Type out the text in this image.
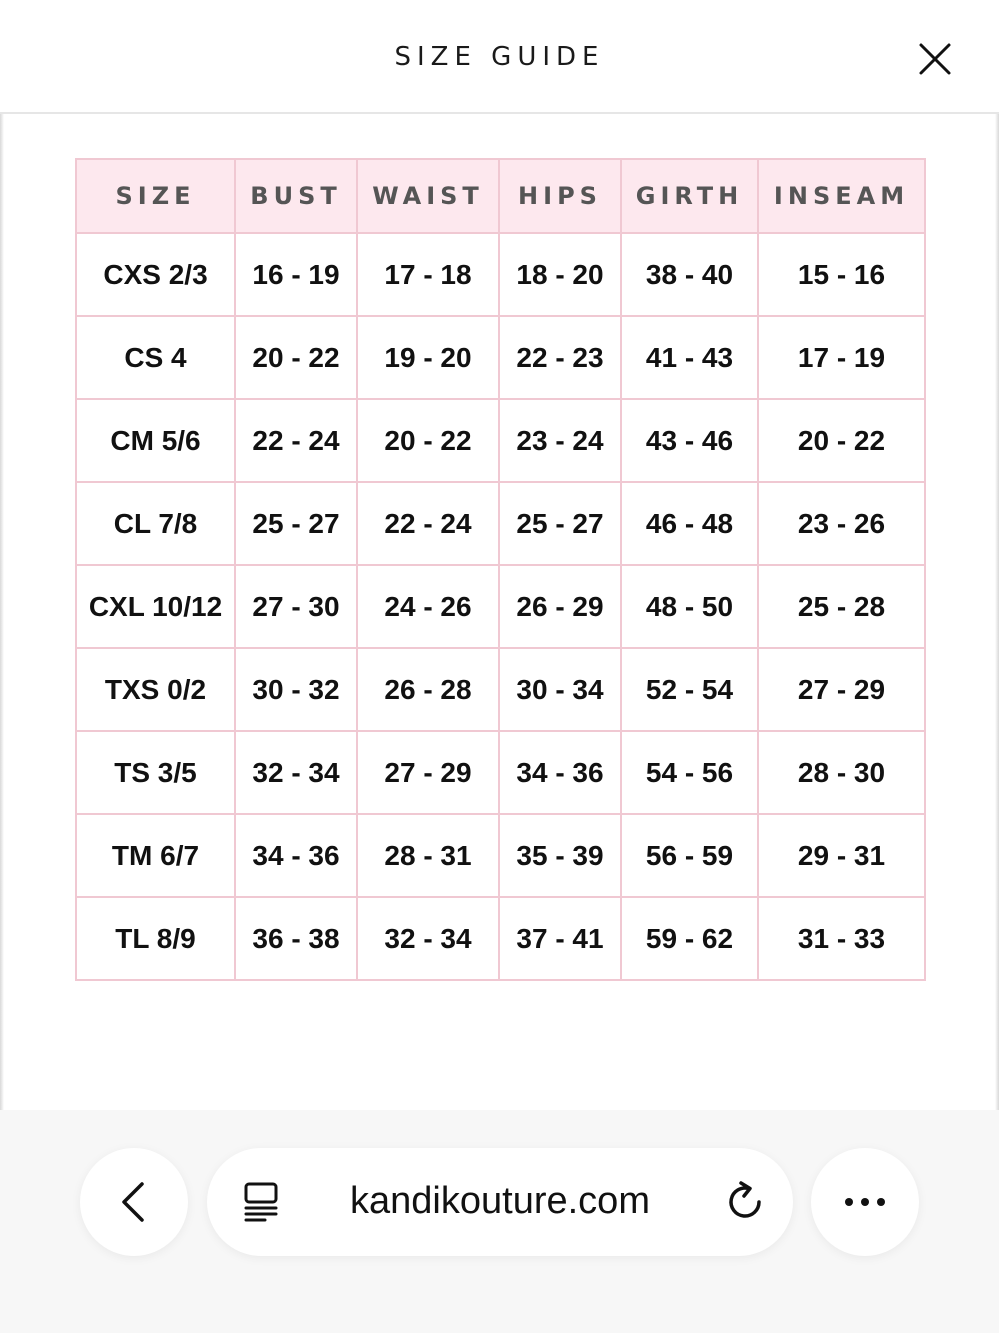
SIZE GUIDE
SIZE	BUST	WAIST	HIPS	GIRTH	INSEAM
CXS 2/3	16 - 19	17 - 18	18 - 20	38 - 40	15 - 16
CS 4	20 - 22	19 - 20	22 - 23	41 - 43	17 - 19
CM 5/6	22 - 24	20 - 22	23 - 24	43 - 46	20 - 22
CL 7/8	25 - 27	22 - 24	25 - 27	46 - 48	23 - 26
CXL 10/12	27 - 30	24 - 26	26 - 29	48 - 50	25 - 28
TXS 0/2	30 - 32	26 - 28	30 - 34	52 - 54	27 - 29
TS 3/5	32 - 34	27 - 29	34 - 36	54 - 56	28 - 30
TM 6/7	34 - 36	28 - 31	35 - 39	56 - 59	29 - 31
TL 8/9	36 - 38	32 - 34	37 - 41	59 - 62	31 - 33
kandikouture.com
